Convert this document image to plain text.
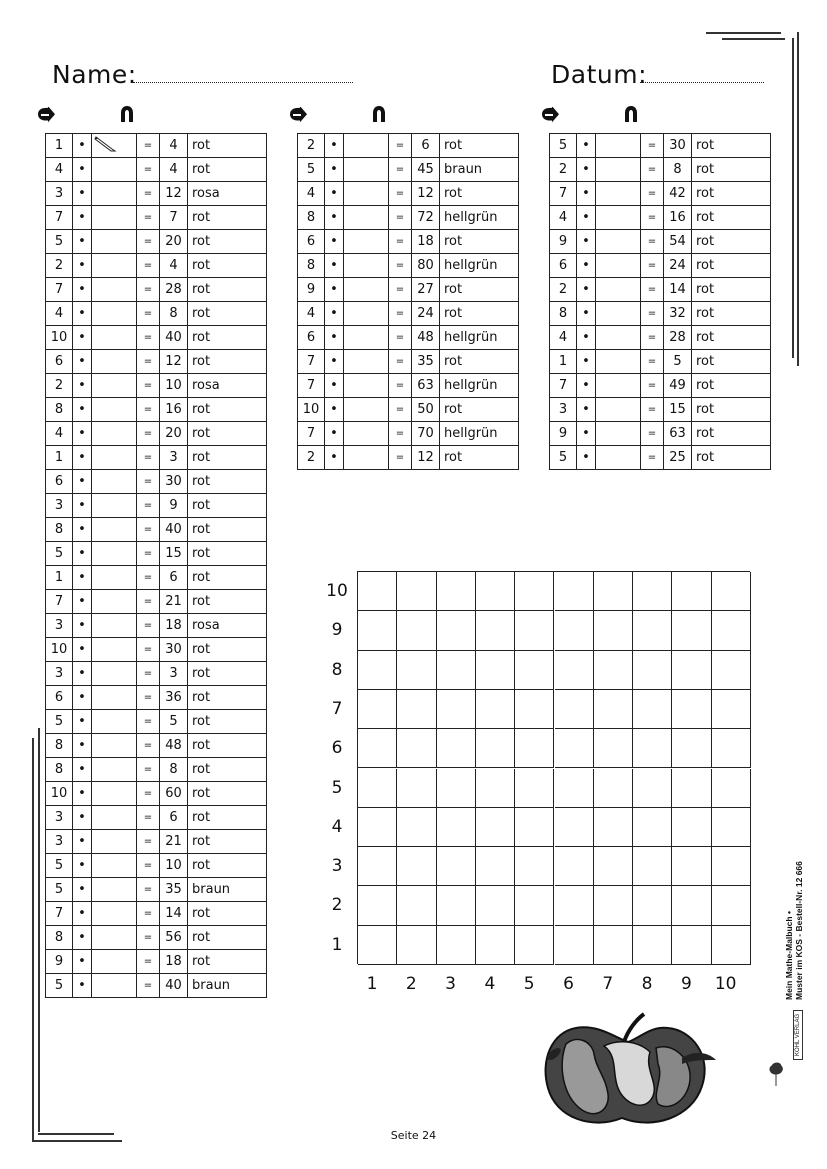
Name:	Datum:
1	•		=	4	rot
4	•		=	4	rot
3	•		=	12	rosa
7	•		=	7	rot
5	•		=	20	rot
2	•		=	4	rot
7	•		=	28	rot
4	•		=	8	rot
10	•		=	40	rot
6	•		=	12	rot
2	•		=	10	rosa
8	•		=	16	rot
4	•		=	20	rot
1	•		=	3	rot
6	•		=	30	rot
3	•		=	9	rot
8	•		=	40	rot
5	•		=	15	rot
1	•		=	6	rot
7	•		=	21	rot
3	•		=	18	rosa
10	•		=	30	rot
3	•		=	3	rot
6	•		=	36	rot
5	•		=	5	rot
8	•		=	48	rot
8	•		=	8	rot
10	•		=	60	rot
3	•		=	6	rot
3	•		=	21	rot
5	•		=	10	rot
5	•		=	35	braun
7	•		=	14	rot
8	•		=	56	rot
9	•		=	18	rot
5	•		=	40	braun
2	•		=	6	rot
5	•		=	45	braun
4	•		=	12	rot
8	•		=	72	hellgrün
6	•		=	18	rot
8	•		=	80	hellgrün
9	•		=	27	rot
4	•		=	24	rot
6	•		=	48	hellgrün
7	•		=	35	rot
7	•		=	63	hellgrün
10	•		=	50	rot
7	•		=	70	hellgrün
2	•		=	12	rot
5	•		=	30	rot
2	•		=	8	rot
7	•		=	42	rot
4	•		=	16	rot
9	•		=	54	rot
6	•		=	24	rot
2	•		=	14	rot
8	•		=	32	rot
4	•		=	28	rot
1	•		=	5	rot
7	•		=	49	rot
3	•		=	15	rot
9	•		=	63	rot
5	•		=	25	rot
10
9
8
7
6
5
4
3
2
1
1	2	3	4	5	6	7	8	9	10
Seite 24
Mein Mathe-Malbuch • Muster im KOS - Bestell-Nr. 12 666
KOHL VERLAG
